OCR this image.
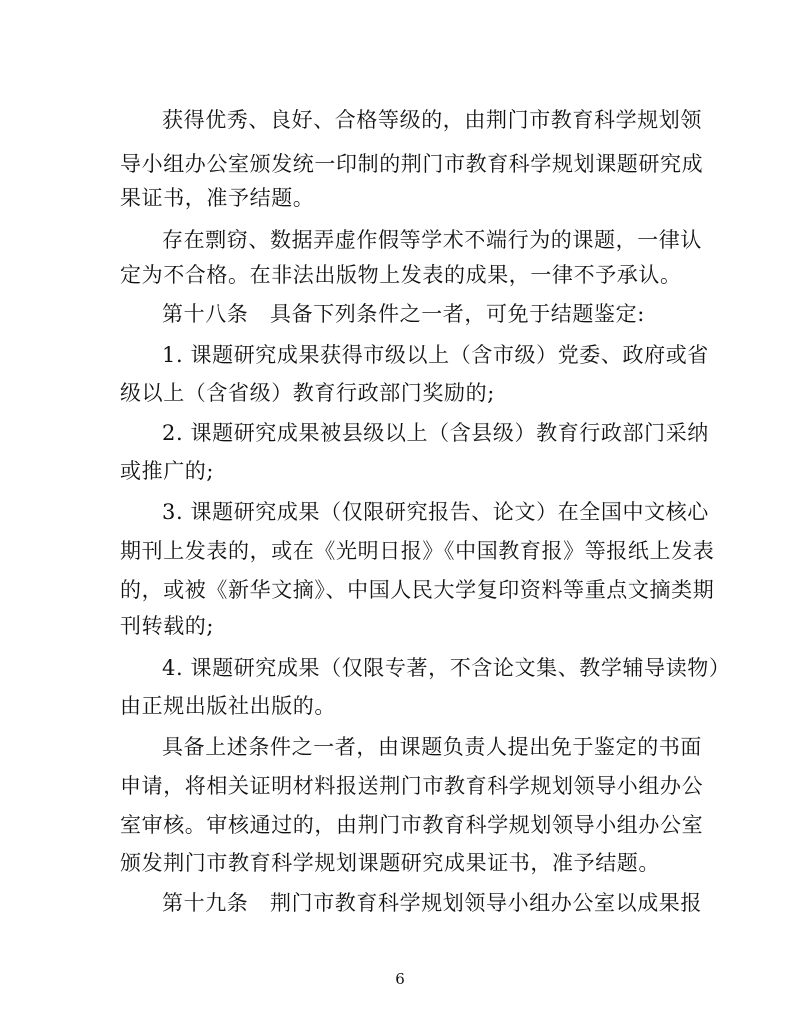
获得优秀、良好、合格等级的，由荆门市教育科学规划领
导小组办公室颁发统一印制的荆门市教育科学规划课题研究成
果证书，准予结题。
存在剽窃、数据弄虚作假等学术不端行为的课题，一律认
定为不合格。在非法出版物上发表的成果，一律不予承认。
第十八条　具备下列条件之一者，可免于结题鉴定:
1. 课题研究成果获得市级以上（含市级）党委、政府或省
级以上（含省级）教育行政部门奖励的;
2. 课题研究成果被县级以上（含县级）教育行政部门采纳
或推广的;
3. 课题研究成果（仅限研究报告、论文）在全国中文核心
期刊上发表的，或在《光明日报》《中国教育报》等报纸上发表
的，或被《新华文摘》、中国人民大学复印资料等重点文摘类期
刊转载的;
4. 课题研究成果（仅限专著，不含论文集、教学辅导读物）
由正规出版社出版的。
具备上述条件之一者，由课题负责人提出免于鉴定的书面
申请，将相关证明材料报送荆门市教育科学规划领导小组办公
室审核。审核通过的，由荆门市教育科学规划领导小组办公室
颁发荆门市教育科学规划课题研究成果证书，准予结题。
第十九条　荆门市教育科学规划领导小组办公室以成果报
6
